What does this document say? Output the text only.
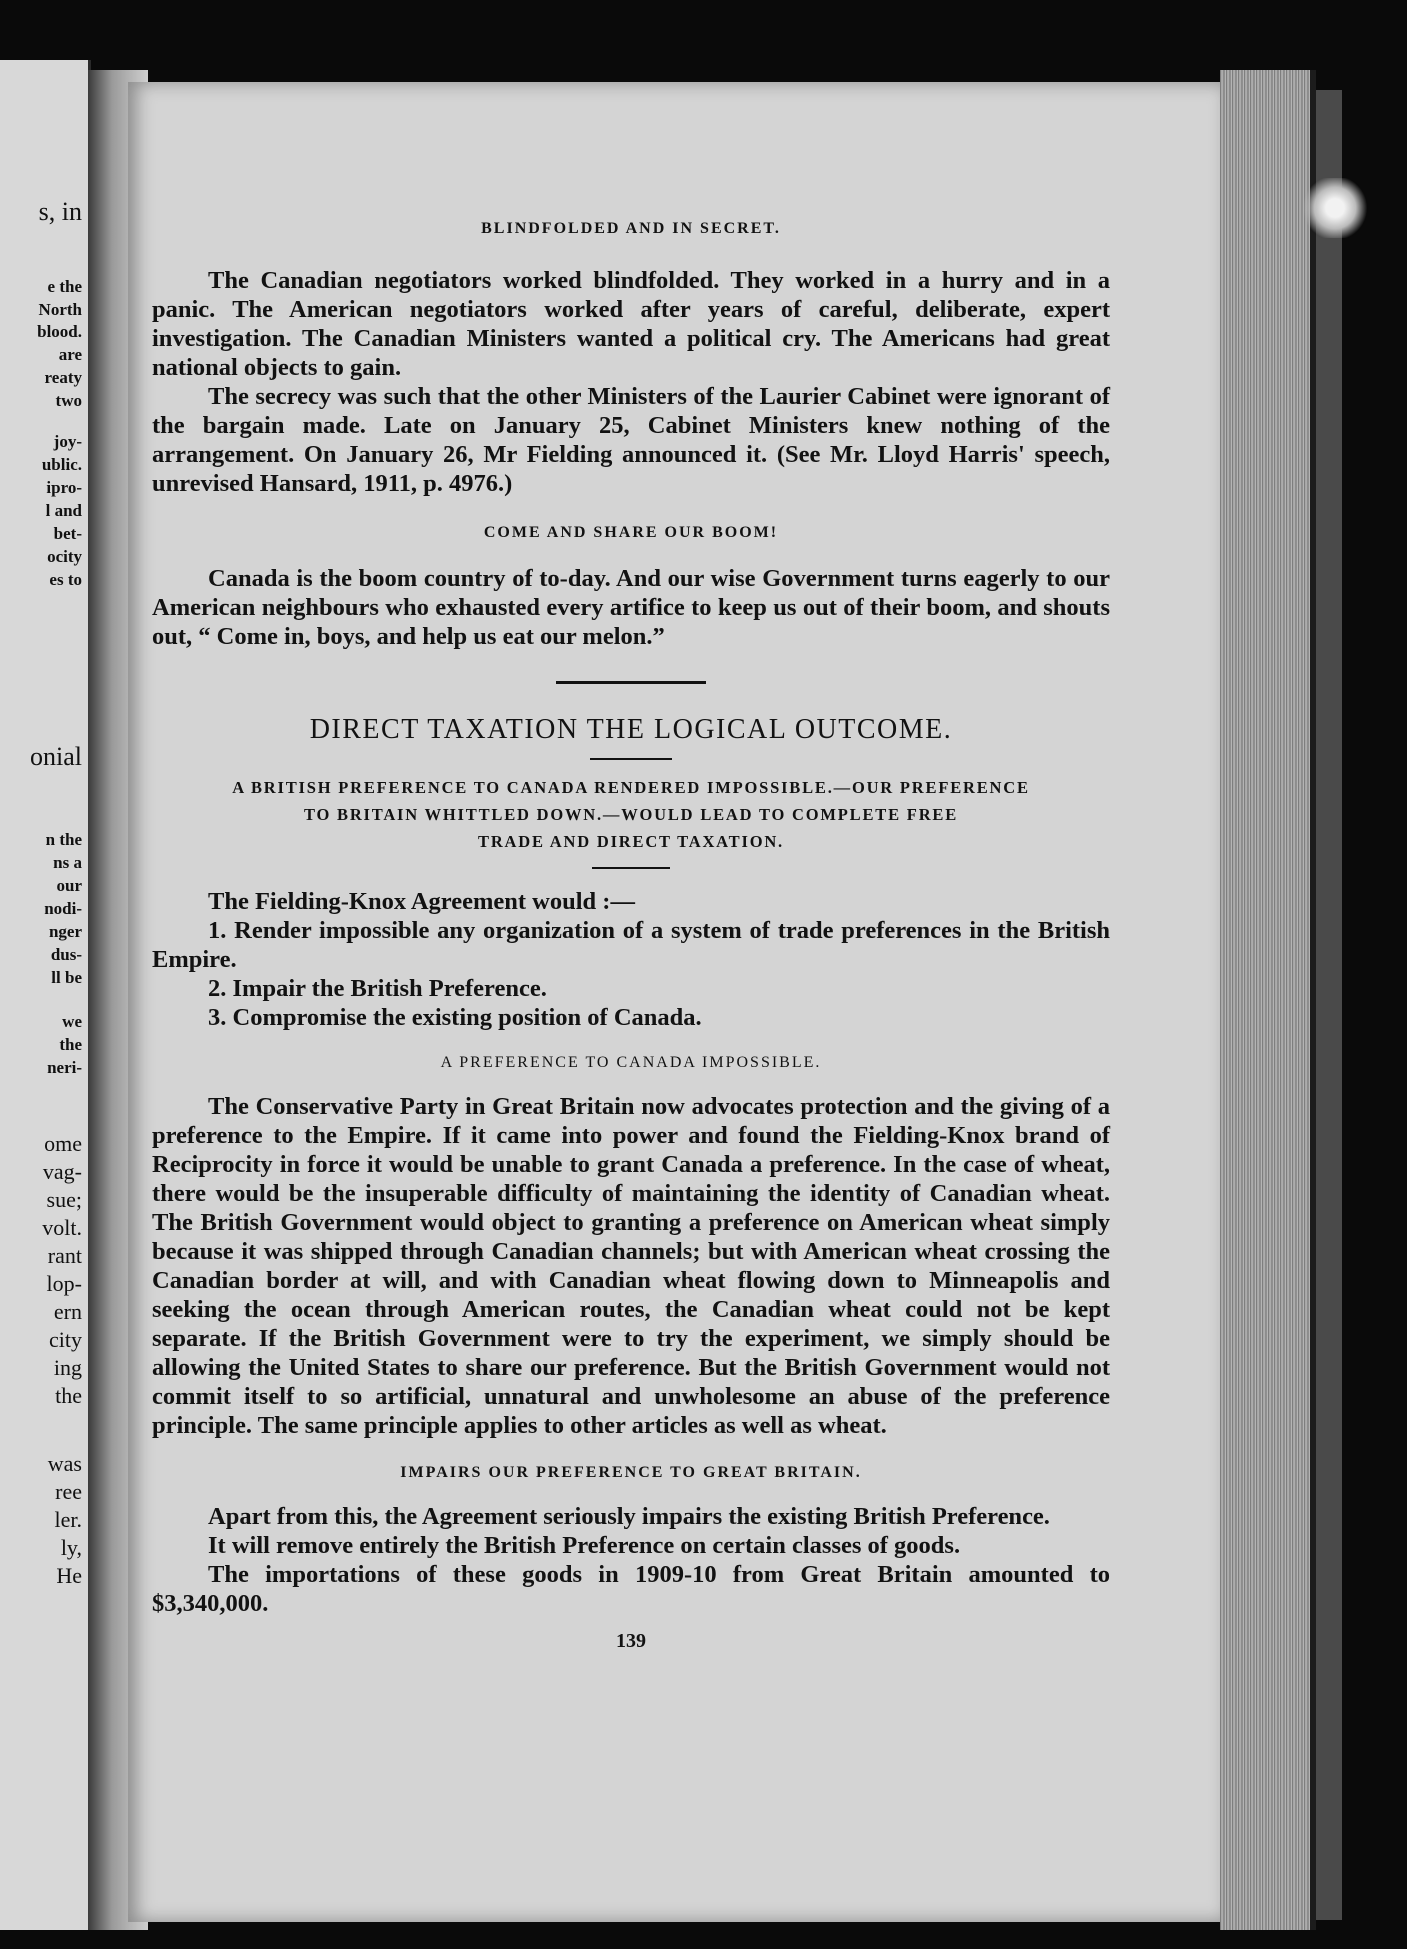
s, in
e the
North
blood.
are
reaty
two
joy-
ublic.
ipro-
l and
bet-
ocity
es to
onial
n the
ns a
our
nodi-
nger
dus-
ll be
we
the
neri-
ome
vag-
sue;
volt.
rant
lop-
ern
city
ing
the
was
ree
ler.
ly,
He
BLINDFOLDED AND IN SECRET.

The Canadian negotiators worked blindfolded. They worked in a hurry and in a panic. The American negotiators worked after years of careful, deliberate, expert investigation. The Canadian Ministers wanted a political cry. The Americans had great national objects to gain.

The secrecy was such that the other Ministers of the Laurier Cabinet were ignorant of the bargain made. Late on January 25, Cabinet Ministers knew nothing of the arrangement. On January 26, Mr Fielding announced it. (See Mr. Lloyd Harris' speech, unrevised Hansard, 1911, p. 4976.)

COME AND SHARE OUR BOOM!

Canada is the boom country of to-day. And our wise Government turns eagerly to our American neighbours who exhausted every artifice to keep us out of their boom, and shouts out, “ Come in, boys, and help us eat our melon.”

DIRECT TAXATION THE LOGICAL OUTCOME.

A BRITISH PREFERENCE TO CANADA RENDERED IMPOSSIBLE.—OUR PREFERENCE

TO BRITAIN WHITTLED DOWN.—WOULD LEAD TO COMPLETE FREE

TRADE AND DIRECT TAXATION.

The Fielding-Knox Agreement would :—

1. Render impossible any organization of a system of trade preferences in the British Empire.

2. Impair the British Preference.

3. Compromise the existing position of Canada.

A PREFERENCE TO CANADA IMPOSSIBLE.

The Conservative Party in Great Britain now advocates protection and the giving of a preference to the Empire. If it came into power and found the Fielding-Knox brand of Reciprocity in force it would be unable to grant Canada a preference. In the case of wheat, there would be the insuperable difficulty of maintaining the identity of Canadian wheat. The British Government would object to granting a preference on American wheat simply because it was shipped through Canadian channels; but with American wheat crossing the Canadian border at will, and with Canadian wheat flowing down to Minneapolis and seeking the ocean through American routes, the Canadian wheat could not be kept separate. If the British Government were to try the experiment, we simply should be allowing the United States to share our preference. But the British Government would not commit itself to so artificial, unnatural and unwholesome an abuse of the preference principle. The same principle applies to other articles as well as wheat.

IMPAIRS OUR PREFERENCE TO GREAT BRITAIN.

Apart from this, the Agreement seriously impairs the existing British Preference.

It will remove entirely the British Preference on certain classes of goods.

The importations of these goods in 1909-10 from Great Britain amounted to $3,340,000.

139
